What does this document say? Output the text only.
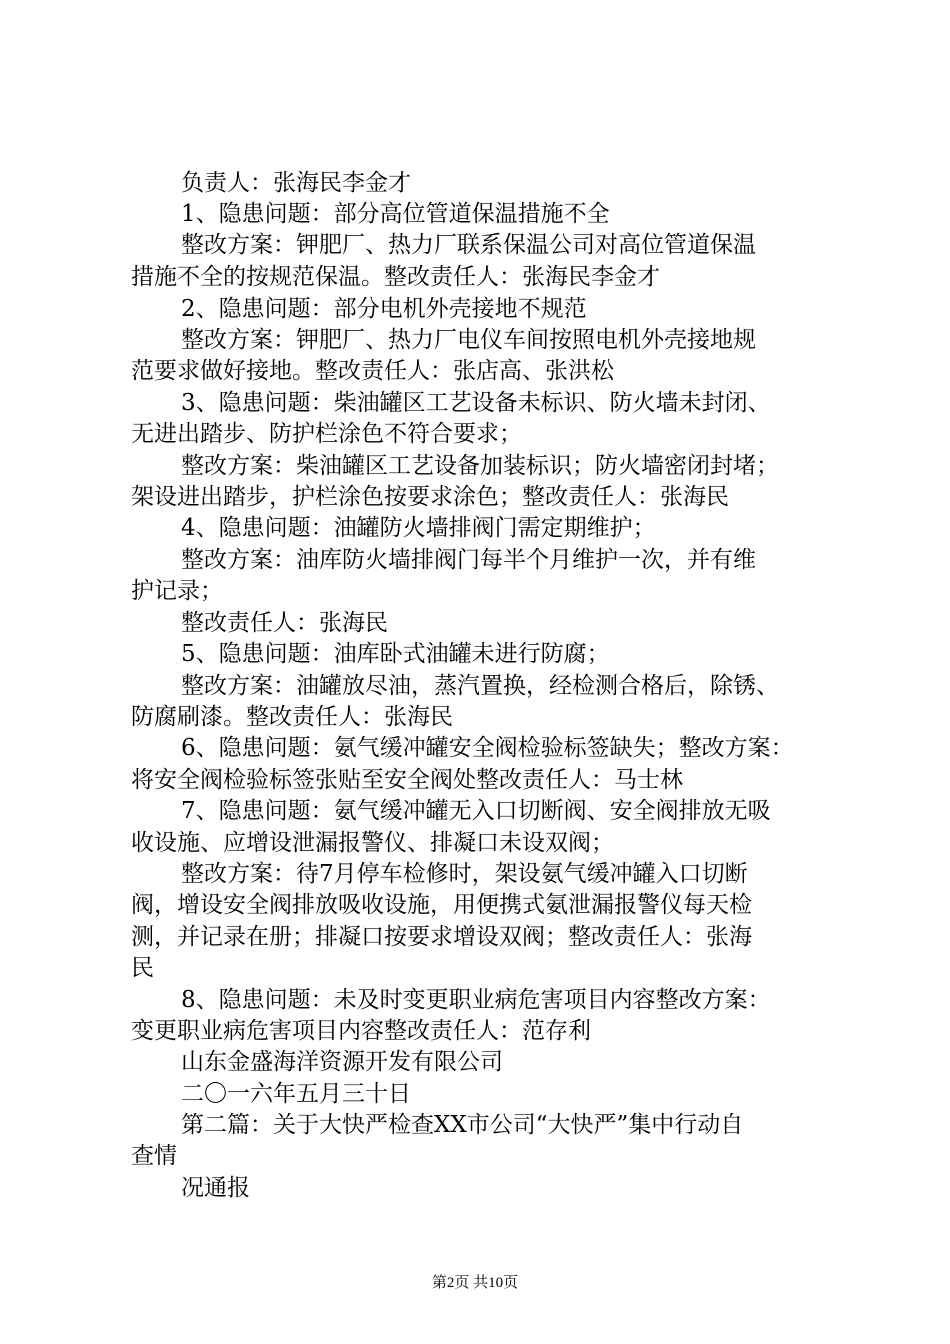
负责人：张海民李金才
1、隐患问题：部分高位管道保温措施不全
整改方案：钾肥厂、热力厂联系保温公司对高位管道保温
措施不全的按规范保温。整改责任人：张海民李金才
2、隐患问题：部分电机外壳接地不规范
整改方案：钾肥厂、热力厂电仪车间按照电机外壳接地规
范要求做好接地。整改责任人：张店高、张洪松
3、隐患问题：柴油罐区工艺设备未标识、防火墙未封闭、
无进出踏步、防护栏涂色不符合要求；
整改方案：柴油罐区工艺设备加装标识；防火墙密闭封堵；
架设进出踏步，护栏涂色按要求涂色；整改责任人：张海民
4、隐患问题：油罐防火墙排阀门需定期维护；
整改方案：油库防火墙排阀门每半个月维护一次，并有维
护记录；
整改责任人：张海民
5、隐患问题：油库卧式油罐未进行防腐；
整改方案：油罐放尽油，蒸汽置换，经检测合格后，除锈、
防腐刷漆。整改责任人：张海民
6、隐患问题：氨气缓冲罐安全阀检验标签缺失；整改方案：
将安全阀检验标签张贴至安全阀处整改责任人：马士林
7、隐患问题：氨气缓冲罐无入口切断阀、安全阀排放无吸
收设施、应增设泄漏报警仪、排凝口未设双阀；
整改方案：待7月停车检修时，架设氨气缓冲罐入口切断
阀，增设安全阀排放吸收设施，用便携式氨泄漏报警仪每天检
测，并记录在册；排凝口按要求增设双阀；整改责任人：张海
民
8、隐患问题：未及时变更职业病危害项目内容整改方案：
变更职业病危害项目内容整改责任人：范存利
山东金盛海洋资源开发有限公司
二〇一六年五月三十日
第二篇：关于大快严检查XX市公司“大快严”集中行动自
查情
况通报
第2页 共10页
